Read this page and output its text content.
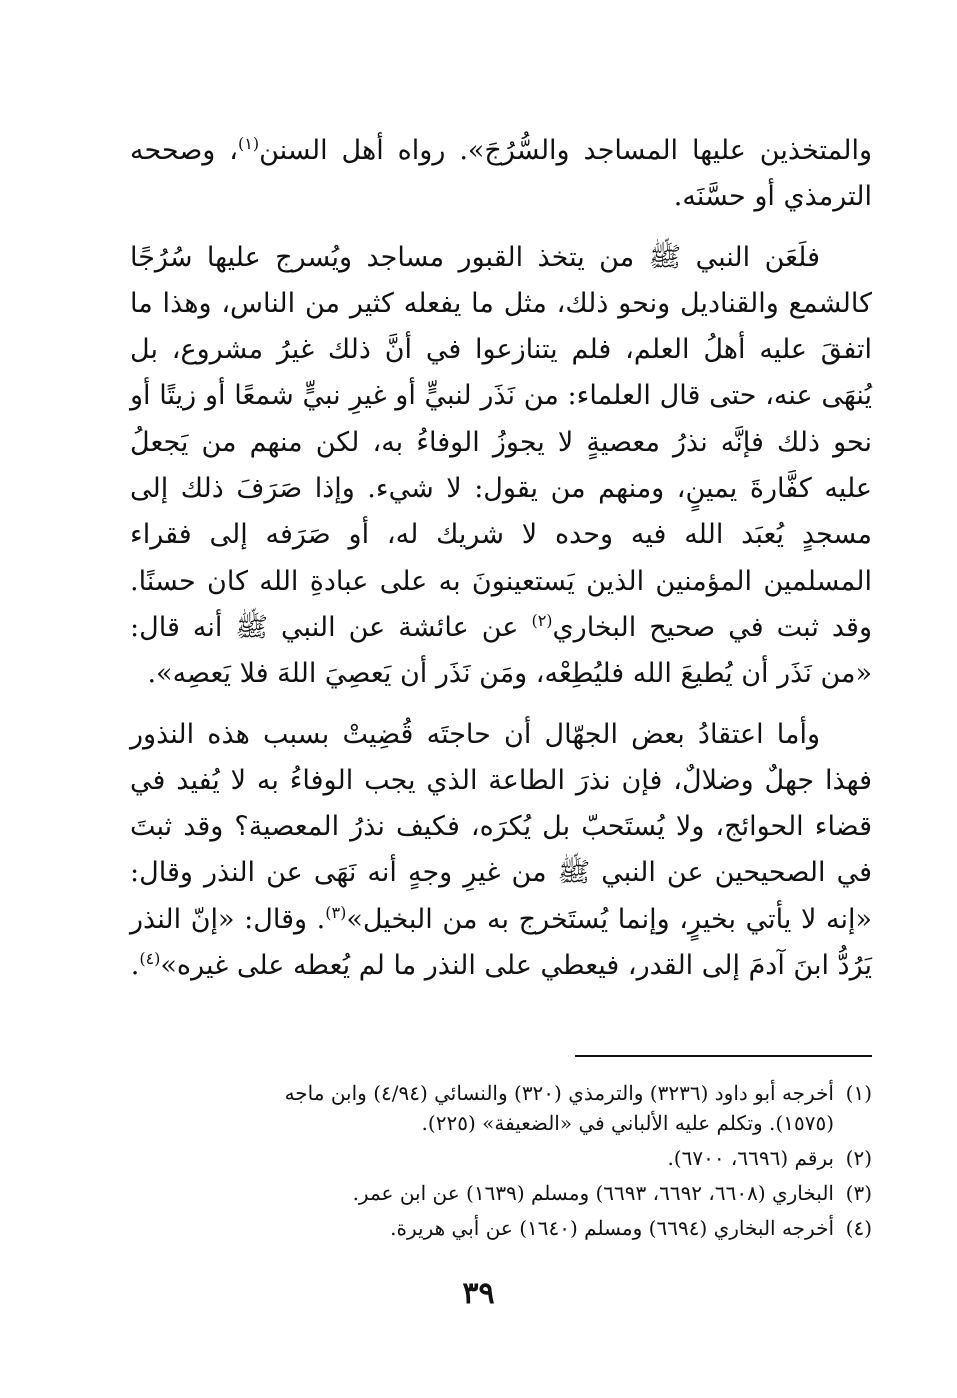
والمتخذين عليها المساجد والسُّرُجَ». رواه أهل السنن$^{(١)}$، وصححه الترمذي أو حسَّنَه.

فلَعَن النبي ﷺ من يتخذ القبور مساجد ويُسرج عليها سُرُجًا كالشمع والقناديل ونحو ذلك، مثل ما يفعله كثير من الناس، وهذا ما اتفقَ عليه أهلُ العلم، فلم يتنازعوا في أنَّ ذلك غيرُ مشروع، بل يُنهَى عنه، حتى قال العلماء: من نَذَر لنبيٍّ أو غيرِ نبيٍّ شمعًا أو زيتًا أو نحو ذلك فإنَّه نذرُ معصيةٍ لا يجوزُ الوفاءُ به، لكن منهم من يَجعلُ عليه كفَّارةَ يمينٍ، ومنهم من يقول: لا شيء. وإذا صَرَفَ ذلك إلى مسجدٍ يُعبَد الله فيه وحده لا شريك له، أو صَرَفه إلى فقراء المسلمين المؤمنين الذين يَستعينونَ به على عبادةِ الله كان حسنًا. وقد ثبت في صحيح البخاري$^{(٢)}$ عن عائشة عن النبي ﷺ أنه قال: «من نَذَر أن يُطيعَ الله فليُطِعْه، ومَن نَذَر أن يَعصِيَ اللهَ فلا يَعصِه».

وأما اعتقادُ بعض الجهّال أن حاجتَه قُضِيتْ بسبب هذه النذور فهذا جهلٌ وضلالٌ، فإن نذرَ الطاعة الذي يجب الوفاءُ به لا يُفيد في قضاء الحوائج، ولا يُستَحبّ بل يُكرَه، فكيف نذرُ المعصية؟ وقد ثبتَ في الصحيحين عن النبي ﷺ من غيرِ وجهٍ أنه نَهَى عن النذر وقال: «إنه لا يأتي بخيرٍ، وإنما يُستَخرج به من البخيل»$^{(٣)}$. وقال: «إنّ النذر يَرُدُّ ابنَ آدمَ إلى القدر، فيعطي على النذر ما لم يُعطه على غيره»$^{(٤)}$.

(١)أخرجه أبو داود (٣٢٣٦) والترمذي (٣٢٠) والنسائي (٤/٩٤) وابن ماجه
(١٥٧٥). وتكلم عليه الألباني في «الضعيفة» (٢٢٥).

(٢)برقم (٦٦٩٦، ٦٧٠٠).

(٣)البخاري (٦٦٠٨، ٦٦٩٢، ٦٦٩٣) ومسلم (١٦٣٩) عن ابن عمر.

(٤)أخرجه البخاري (٦٦٩٤) ومسلم (١٦٤٠) عن أبي هريرة.

٣٩
